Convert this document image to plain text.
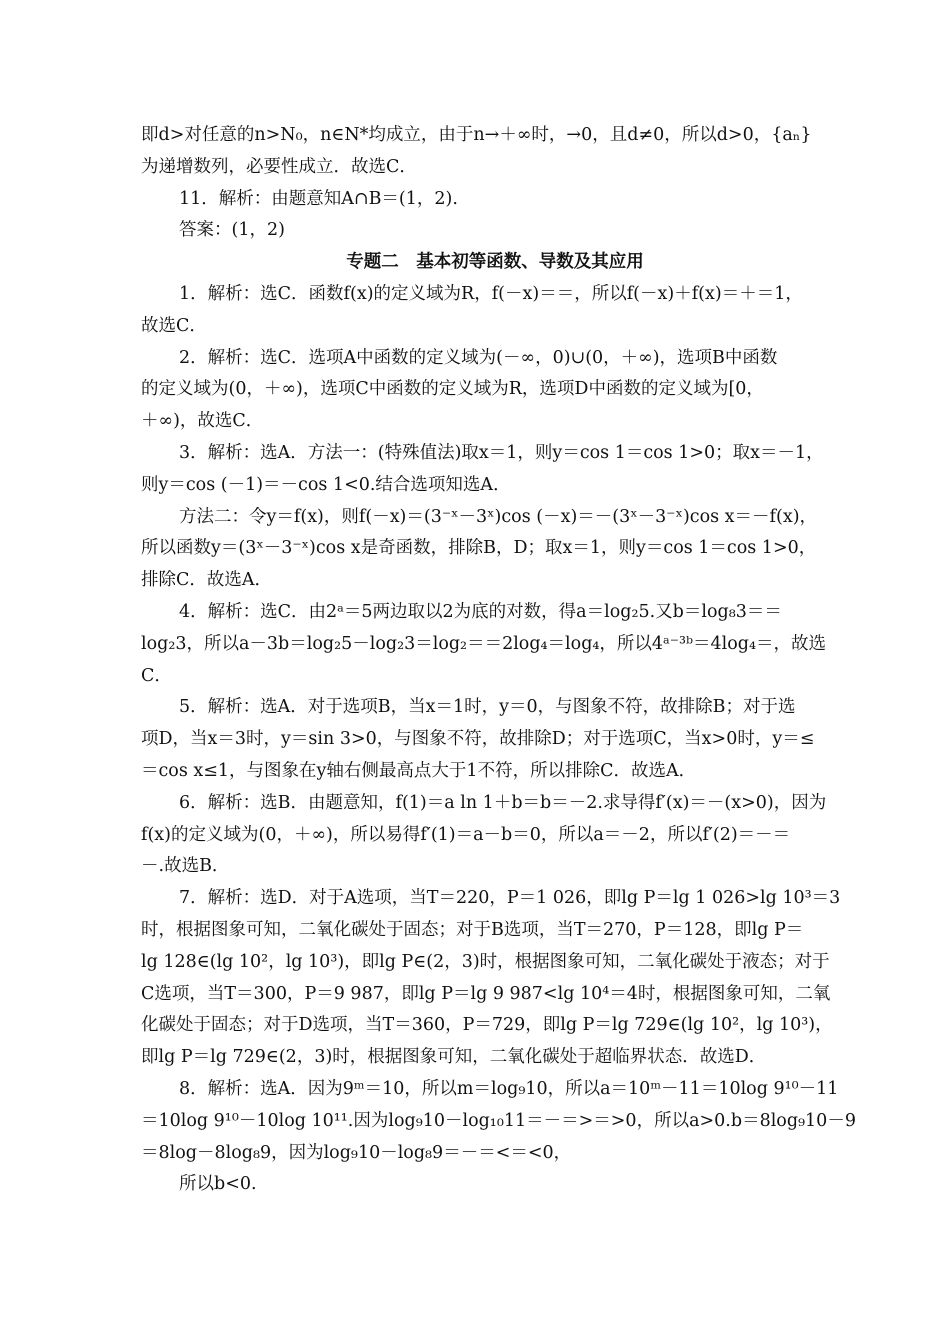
即d>对任意的n>N₀，n∈N*均成立，由于n→＋∞时，→0，且d≠0，所以d>0，{aₙ}
为递增数列，必要性成立．故选C．
11．解析：由题意知A∩B＝(1，2).
答案：(1，2)
专题二　基本初等函数、导数及其应用
1．解析：选C．函数f(x)的定义域为R，f(－x)＝＝，所以f(－x)＋f(x)＝＋＝1，
故选C．
2．解析：选C．选项A中函数的定义域为(－∞，0)∪(0，＋∞)，选项B中函数
的定义域为(0，＋∞)，选项C中函数的定义域为R，选项D中函数的定义域为[0，
＋∞)，故选C．
3．解析：选A．方法一：(特殊值法)取x＝1，则y＝cos 1＝cos 1>0；取x＝－1，
则y＝cos (－1)＝－cos 1<0.结合选项知选A．
方法二：令y＝f(x)，则f(－x)＝(3⁻ˣ－3ˣ)cos (－x)＝－(3ˣ－3⁻ˣ)cos x＝－f(x)，
所以函数y＝(3ˣ－3⁻ˣ)cos x是奇函数，排除B，D；取x＝1，则y＝cos 1＝cos 1>0，
排除C．故选A．
4．解析：选C．由2ᵃ＝5两边取以2为底的对数，得a＝log₂5.又b＝log₈3＝＝
log₂3，所以a－3b＝log₂5－log₂3＝log₂＝＝2log₄＝log₄，所以4ᵃ⁻³ᵇ＝4log₄＝，故选
C．
5．解析：选A．对于选项B，当x＝1时，y＝0，与图象不符，故排除B；对于选
项D，当x＝3时，y＝sin 3>0，与图象不符，故排除D；对于选项C，当x>0时，y＝≤
＝cos x≤1，与图象在y轴右侧最高点大于1不符，所以排除C．故选A．
6．解析：选B．由题意知，f(1)＝a ln 1＋b＝b＝－2.求导得f′(x)＝－(x>0)，因为
f(x)的定义域为(0，＋∞)，所以易得f′(1)＝a－b＝0，所以a＝－2，所以f′(2)＝－＝
－.故选B．
7．解析：选D．对于A选项，当T＝220，P＝1 026，即lg P＝lg 1 026>lg 10³＝3
时，根据图象可知，二氧化碳处于固态；对于B选项，当T＝270，P＝128，即lg P＝
lg 128∈(lg 10²，lg 10³)，即lg P∈(2，3)时，根据图象可知，二氧化碳处于液态；对于
C选项，当T＝300，P＝9 987，即lg P＝lg 9 987<lg 10⁴＝4时，根据图象可知，二氧
化碳处于固态；对于D选项，当T＝360，P＝729，即lg P＝lg 729∈(lg 10²，lg 10³)，
即lg P＝lg 729∈(2，3)时，根据图象可知，二氧化碳处于超临界状态．故选D．
8．解析：选A．因为9ᵐ＝10，所以m＝log₉10，所以a＝10ᵐ－11＝10log 9¹⁰－11
＝10log 9¹⁰－10log 10¹¹.因为log₉10－log₁₀11＝－＝>＝>0，所以a>0.b＝8log₉10－9
＝8log－8log₈9，因为log₉10－log₈9＝－＝<＝<0，
所以b<0.
